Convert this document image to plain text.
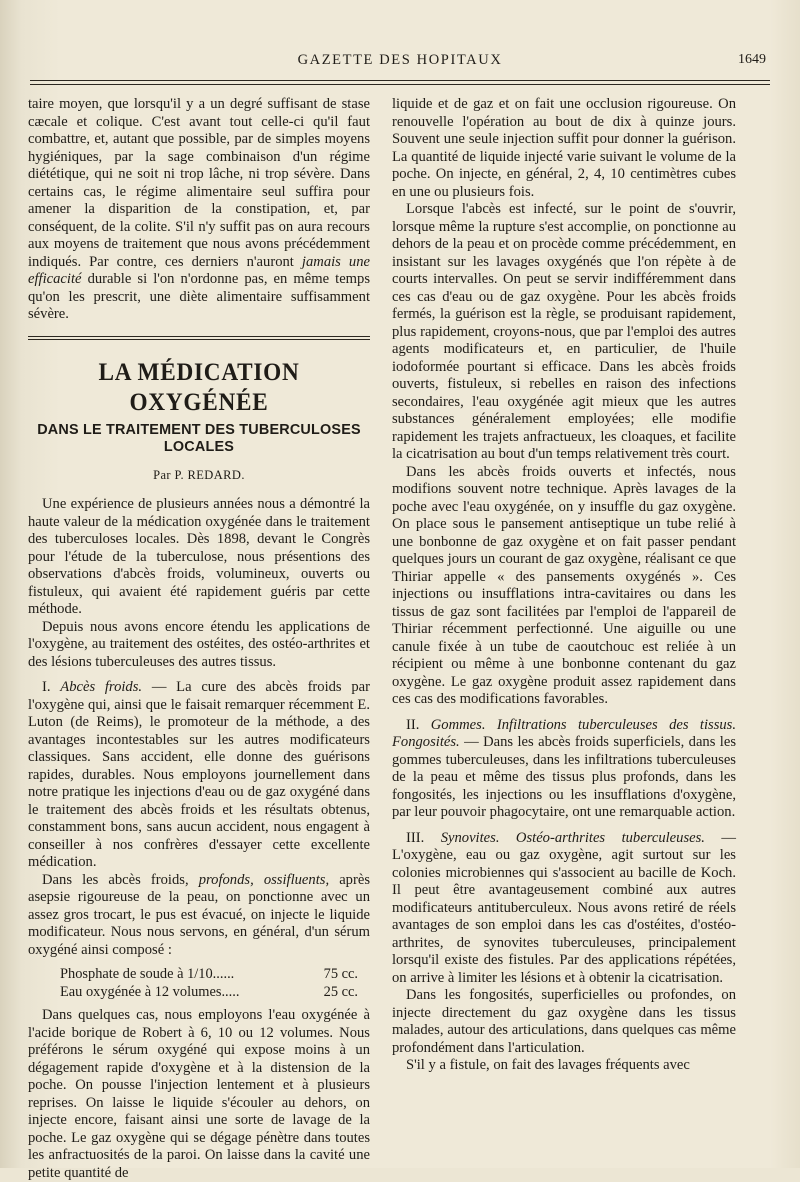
GAZETTE DES HOPITAUX	1649

taire moyen, que lorsqu'il y a un degré suffisant de stase cæcale et colique. C'est avant tout celle-ci qu'il faut combattre, et, autant que possible, par de simples moyens hygiéniques, par la sage combinaison d'un régime diététique, qui ne soit ni trop lâche, ni trop sévère. Dans certains cas, le régime alimentaire seul suffira pour amener la disparition de la constipation, et, par conséquent, de la colite. S'il n'y suffit pas on aura recours aux moyens de traitement que nous avons précédemment indiqués. Par contre, ces derniers n'auront jamais une efficacité durable si l'on n'ordonne pas, en même temps qu'on les prescrit, une diète alimentaire suffisamment sévère.

LA MÉDICATION OXYGÉNÉE
DANS LE TRAITEMENT DES TUBERCULOSES LOCALES
Par P. REDARD.

Une expérience de plusieurs années nous a démontré la haute valeur de la médication oxygénée dans le traitement des tuberculoses locales. Dès 1898, devant le Congrès pour l'étude de la tuberculose, nous présentions des observations d'abcès froids, volumineux, ouverts ou fistuleux, qui avaient été rapidement guéris par cette méthode.

Depuis nous avons encore étendu les applications de l'oxygène, au traitement des ostéites, des ostéo-arthrites et des lésions tuberculeuses des autres tissus.

I. Abcès froids. — La cure des abcès froids par l'oxygène qui, ainsi que le faisait remarquer récemment E. Luton (de Reims), le promoteur de la méthode, a des avantages incontestables sur les autres modificateurs classiques. Sans accident, elle donne des guérisons rapides, durables. Nous employons journellement dans notre pratique les injections d'eau ou de gaz oxygéné dans le traitement des abcès froids et les résultats obtenus, constamment bons, sans aucun accident, nous engagent à conseiller à nos confrères d'essayer cette excellente médication.

Dans les abcès froids, profonds, ossifluents, après asepsie rigoureuse de la peau, on ponctionne avec un assez gros trocart, le pus est évacué, on injecte le liquide modificateur. Nous nous servons, en général, d'un sérum oxygéné ainsi composé :

Phosphate de soude à 1/10......	75 cc.
Eau oxygénée à 12 volumes.....	25 cc.

Dans quelques cas, nous employons l'eau oxygénée à l'acide borique de Robert à 6, 10 ou 12 volumes. Nous préférons le sérum oxygéné qui expose moins à un dégagement rapide d'oxygène et à la distension de la poche. On pousse l'injection lentement et à plusieurs reprises. On laisse le liquide s'écouler au dehors, on injecte encore, faisant ainsi une sorte de lavage de la poche. Le gaz oxygène qui se dégage pénètre dans toutes les anfractuosités de la paroi. On laisse dans la cavité une petite quantité de

liquide et de gaz et on fait une occlusion rigoureuse. On renouvelle l'opération au bout de dix à quinze jours. Souvent une seule injection suffit pour donner la guérison. La quantité de liquide injecté varie suivant le volume de la poche. On injecte, en général, 2, 4, 10 centimètres cubes en une ou plusieurs fois.

Lorsque l'abcès est infecté, sur le point de s'ouvrir, lorsque même la rupture s'est accomplie, on ponctionne au dehors de la peau et on procède comme précédemment, en insistant sur les lavages oxygénés que l'on répète à de courts intervalles. On peut se servir indifféremment dans ces cas d'eau ou de gaz oxygène. Pour les abcès froids fermés, la guérison est la règle, se produisant rapidement, plus rapidement, croyons-nous, que par l'emploi des autres agents modificateurs et, en particulier, de l'huile iodoformée pourtant si efficace. Dans les abcès froids ouverts, fistuleux, si rebelles en raison des infections secondaires, l'eau oxygénée agit mieux que les autres substances généralement employées; elle modifie rapidement les trajets anfractueux, les cloaques, et facilite la cicatrisation au bout d'un temps relativement très court.

Dans les abcès froids ouverts et infectés, nous modifions souvent notre technique. Après lavages de la poche avec l'eau oxygénée, on y insuffle du gaz oxygène. On place sous le pansement antiseptique un tube relié à une bonbonne de gaz oxygène et on fait passer pendant quelques jours un courant de gaz oxygène, réalisant ce que Thiriar appelle « des pansements oxygénés ». Ces injections ou insufflations intra-cavitaires ou dans les tissus de gaz sont facilitées par l'emploi de l'appareil de Thiriar récemment perfectionné. Une aiguille ou une canule fixée à un tube de caoutchouc est reliée à un récipient ou même à une bonbonne contenant du gaz oxygène. Le gaz oxygène produit assez rapidement dans ces cas des modifications favorables.

II. Gommes. Infiltrations tuberculeuses des tissus. Fongosités. — Dans les abcès froids superficiels, dans les gommes tuberculeuses, dans les infiltrations tuberculeuses de la peau et même des tissus plus profonds, dans les fongosités, les injections ou les insufflations d'oxygène, par leur pouvoir phagocytaire, ont une remarquable action.

III. Synovites. Ostéo-arthrites tuberculeuses. — L'oxygène, eau ou gaz oxygène, agit surtout sur les colonies microbiennes qui s'associent au bacille de Koch. Il peut être avantageusement combiné aux autres modificateurs antituberculeux. Nous avons retiré de réels avantages de son emploi dans les cas d'ostéites, d'ostéo-arthrites, de synovites tuberculeuses, principalement lorsqu'il existe des fistules. Par des applications répétées, on arrive à limiter les lésions et à obtenir la cicatrisation.

Dans les fongosités, superficielles ou profondes, on injecte directement du gaz oxygène dans les tissus malades, autour des articulations, dans quelques cas même profondément dans l'articulation.

S'il y a fistule, on fait des lavages fréquents avec
